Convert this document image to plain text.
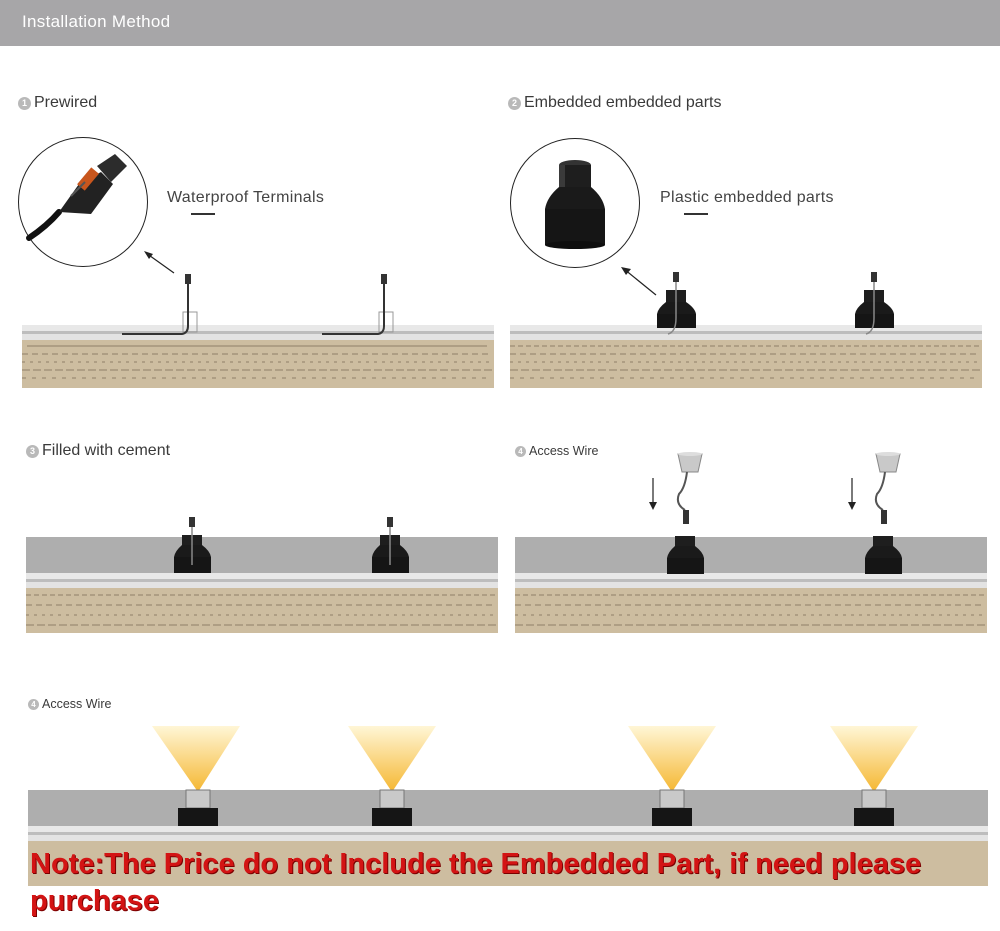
Installation Method
1 Prewired	2 Embedded embedded parts
3 Filled with cement	4 Access Wire
4 Access Wire
Waterproof Terminals	Plastic embedded parts
Note:The Price do not Include the Embedded Part, if need please purchase
